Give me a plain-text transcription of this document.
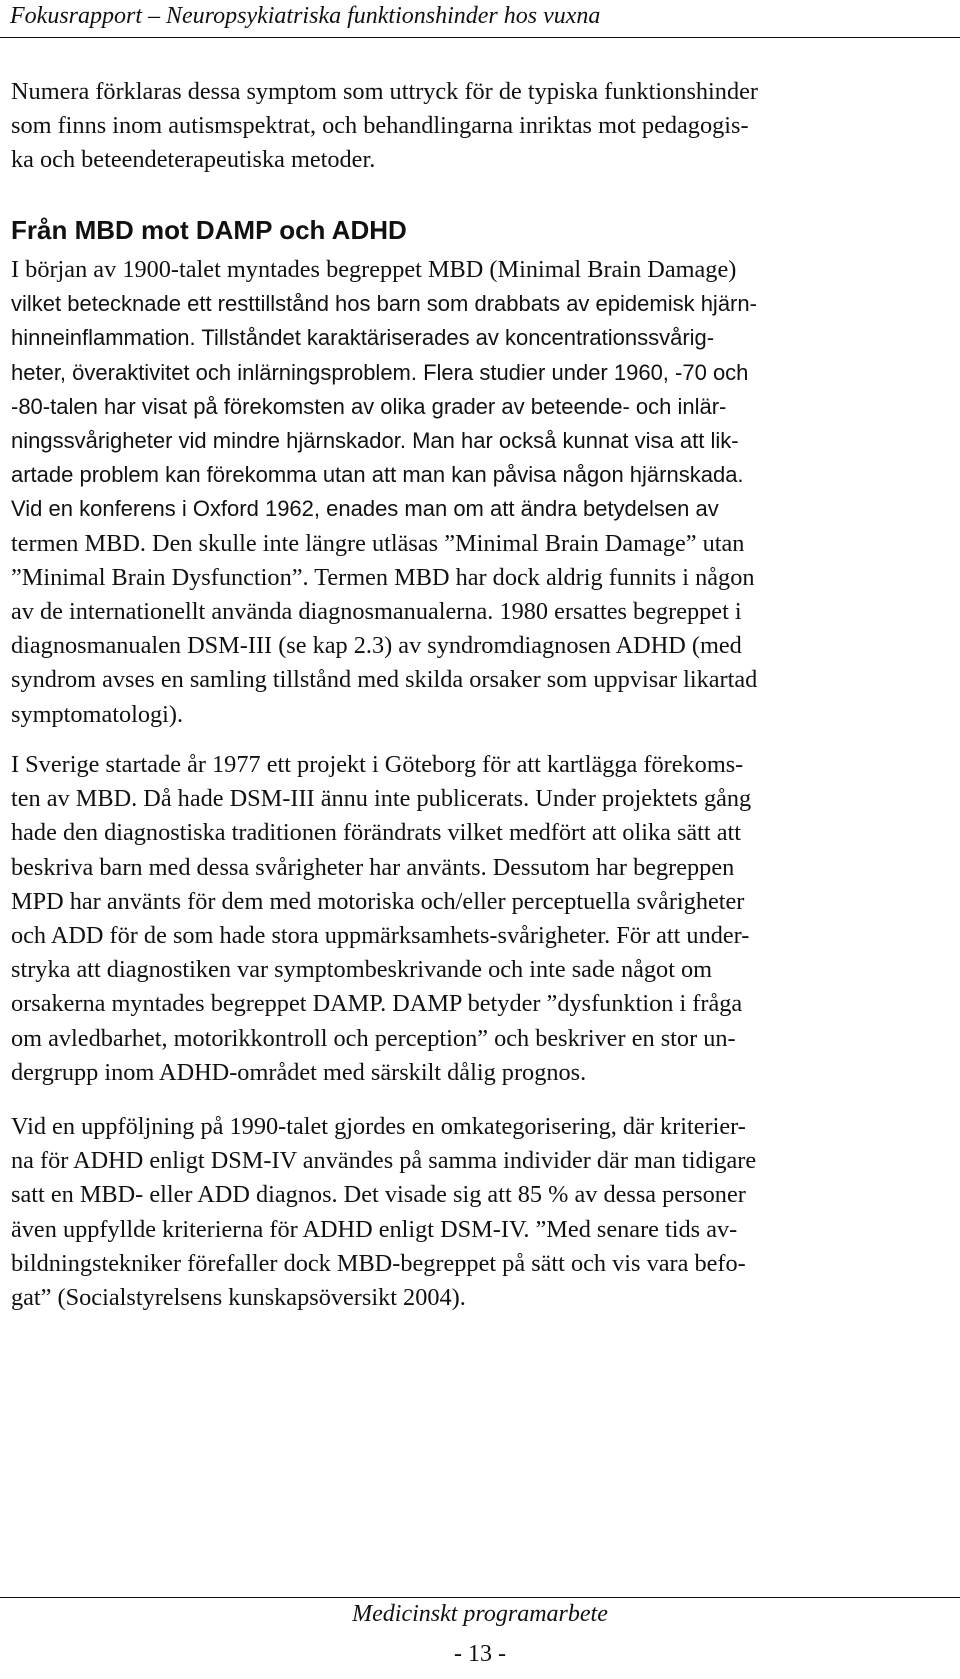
Fokusrapport – Neuropsykiatriska funktionshinder hos vuxna
Numera förklaras dessa symptom som uttryck för de typiska funktionshinder
som finns inom autismspektrat, och behandlingarna inriktas mot pedagogis-
ka och beteendeterapeutiska metoder.
Från MBD mot DAMP och ADHD
I början av 1900-talet myntades begreppet MBD (Minimal Brain Damage)
vilket betecknade ett resttillstånd hos barn som drabbats av epidemisk hjärn-
hinneinflammation. Tillståndet karaktäriserades av koncentrationssvårig-
heter, överaktivitet och inlärningsproblem. Flera studier under 1960, -70 och
-80-talen har visat på förekomsten av olika grader av beteende- och inlär-
ningssvårigheter vid mindre hjärnskador. Man har också kunnat visa att lik-
artade problem kan förekomma utan att man kan påvisa någon hjärnskada.
Vid en konferens i Oxford 1962, enades man om att ändra betydelsen av
termen MBD. Den skulle inte längre utläsas ”Minimal Brain Damage” utan
”Minimal Brain Dysfunction”. Termen MBD har dock aldrig funnits i någon
av de internationellt använda diagnosmanualerna. 1980 ersattes begreppet i
diagnosmanualen DSM-III (se kap 2.3) av syndromdiagnosen ADHD (med
syndrom avses en samling tillstånd med skilda orsaker som uppvisar likartad
symptomatologi).
I Sverige startade år 1977 ett projekt i Göteborg för att kartlägga förekoms-
ten av MBD. Då hade DSM-III ännu inte publicerats. Under projektets gång
hade den diagnostiska traditionen förändrats vilket medfört att olika sätt att
beskriva barn med dessa svårigheter har använts. Dessutom har begreppen
MPD har använts för dem med motoriska och/eller perceptuella svårigheter
och ADD för de som hade stora uppmärksamhets-svårigheter. För att under-
stryka att diagnostiken var symptombeskrivande och inte sade något om
orsakerna myntades begreppet DAMP. DAMP betyder ”dysfunktion i fråga
om avledbarhet, motorikkontroll och perception” och beskriver en stor un-
dergrupp inom ADHD-området med särskilt dålig prognos.
Vid en uppföljning på 1990-talet gjordes en omkategorisering, där kriterier-
na för ADHD enligt DSM-IV användes på samma individer där man tidigare
satt en MBD- eller ADD diagnos. Det visade sig att 85 % av dessa personer
även uppfyllde kriterierna för ADHD enligt DSM-IV. ”Med senare tids av-
bildningstekniker förefaller dock MBD-begreppet på sätt och vis vara befo-
gat” (Socialstyrelsens kunskapsöversikt 2004).
Medicinskt programarbete
- 13 -
